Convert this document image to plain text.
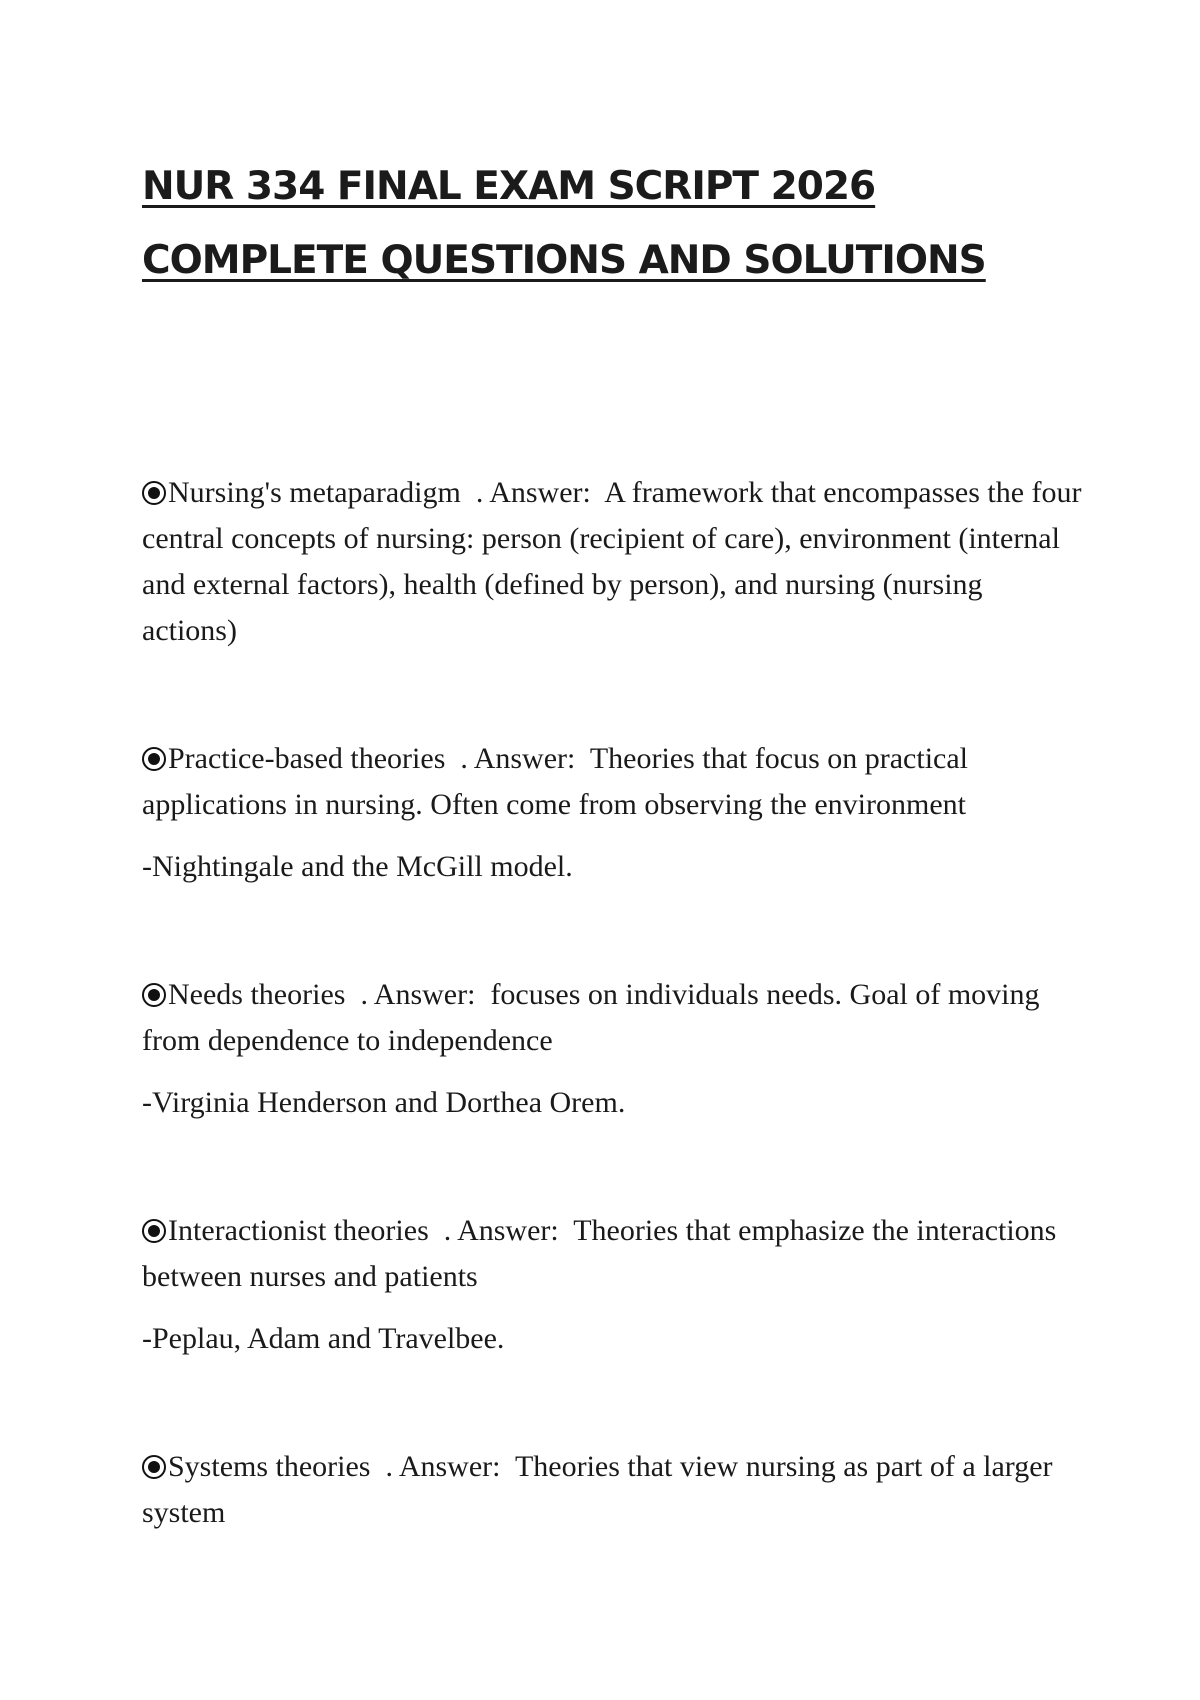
NUR 334 FINAL EXAM SCRIPT 2026 COMPLETE QUESTIONS AND SOLUTIONS

Nursing's metaparadigm  . Answer:  A framework that encompasses the four central concepts of nursing: person (recipient of care), environment (internal and external factors), health (defined by person), and nursing (nursing actions)

Practice-based theories  . Answer:  Theories that focus on practical applications in nursing. Often come from observing the environment

-Nightingale and the McGill model.

Needs theories  . Answer:  focuses on individuals needs. Goal of moving from dependence to independence

-Virginia Henderson and Dorthea Orem.

Interactionist theories  . Answer:  Theories that emphasize the interactions between nurses and patients

-Peplau, Adam and Travelbee.

Systems theories  . Answer:  Theories that view nursing as part of a larger system
